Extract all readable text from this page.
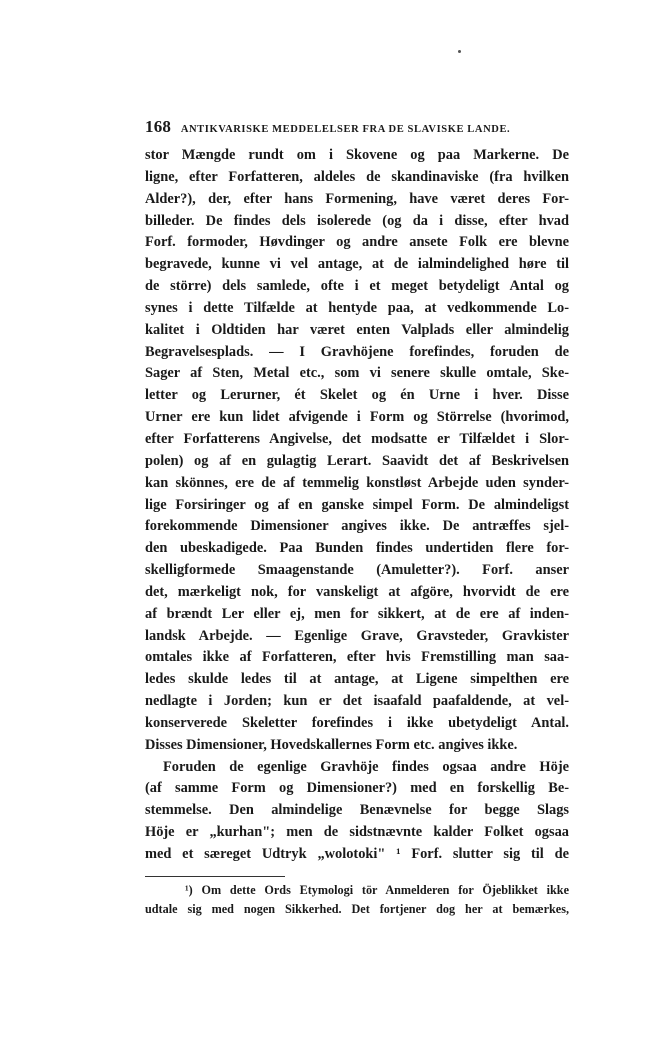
168 ANTIKVARISKE MEDDELELSER FRA DE SLAVISKE LANDE.
stor Mængde rundt om i Skovene og paa Markerne. De
ligne, efter Forfatteren, aldeles de skandinaviske (fra hvilken
Alder?), der, efter hans Formening, have været deres For-
billeder. De findes dels isolerede (og da i disse, efter hvad
Forf. formoder, Høvdinger og andre ansete Folk ere blevne
begravede, kunne vi vel antage, at de ialmindelighed høre til
de större) dels samlede, ofte i et meget betydeligt Antal og
synes i dette Tilfælde at hentyde paa, at vedkommende Lo-
kalitet i Oldtiden har været enten Valplads eller almindelig
Begravelsesplads. — I Gravhöjene forefindes, foruden de
Sager af Sten, Metal etc., som vi senere skulle omtale, Ske-
letter og Lerurner, ét Skelet og én Urne i hver. Disse
Urner ere kun lidet afvigende i Form og Störrelse (hvorimod,
efter Forfatterens Angivelse, det modsatte er Tilfældet i Slor-
polen) og af en gulagtig Lerart. Saavidt det af Beskrivelsen
kan skönnes, ere de af temmelig konstløst Arbejde uden synder-
lige Forsiringer og af en ganske simpel Form. De almindeligst
forekommende Dimensioner angives ikke. De antræffes sjel-
den ubeskadigede. Paa Bunden findes undertiden flere for-
skelligformede Smaagenstande (Amuletter?). Forf. anser
det, mærkeligt nok, for vanskeligt at afgöre, hvorvidt de ere
af brændt Ler eller ej, men for sikkert, at de ere af inden-
landsk Arbejde. — Egenlige Grave, Gravsteder, Gravkister
omtales ikke af Forfatteren, efter hvis Fremstilling man saa-
ledes skulde ledes til at antage, at Ligene simpelthen ere
nedlagte i Jorden; kun er det isaafald paafaldende, at vel-
konserverede Skeletter forefindes i ikke ubetydeligt Antal.
Disses Dimensioner, Hovedskallernes Form etc. angives ikke.
Foruden de egenlige Gravhöje findes ogsaa andre Höje
(af samme Form og Dimensioner?) med en forskellig Be-
stemmelse. Den almindelige Benævnelse for begge Slags
Höje er „kurhan"; men de sidstnævnte kalder Folket ogsaa
med et særeget Udtryk „wolotoki" ¹ Forf. slutter sig til de
¹) Om dette Ords Etymologi tör Anmelderen for Öjeblikket ikke
udtale sig med nogen Sikkerhed. Det fortjener dog her at bemærkes,
